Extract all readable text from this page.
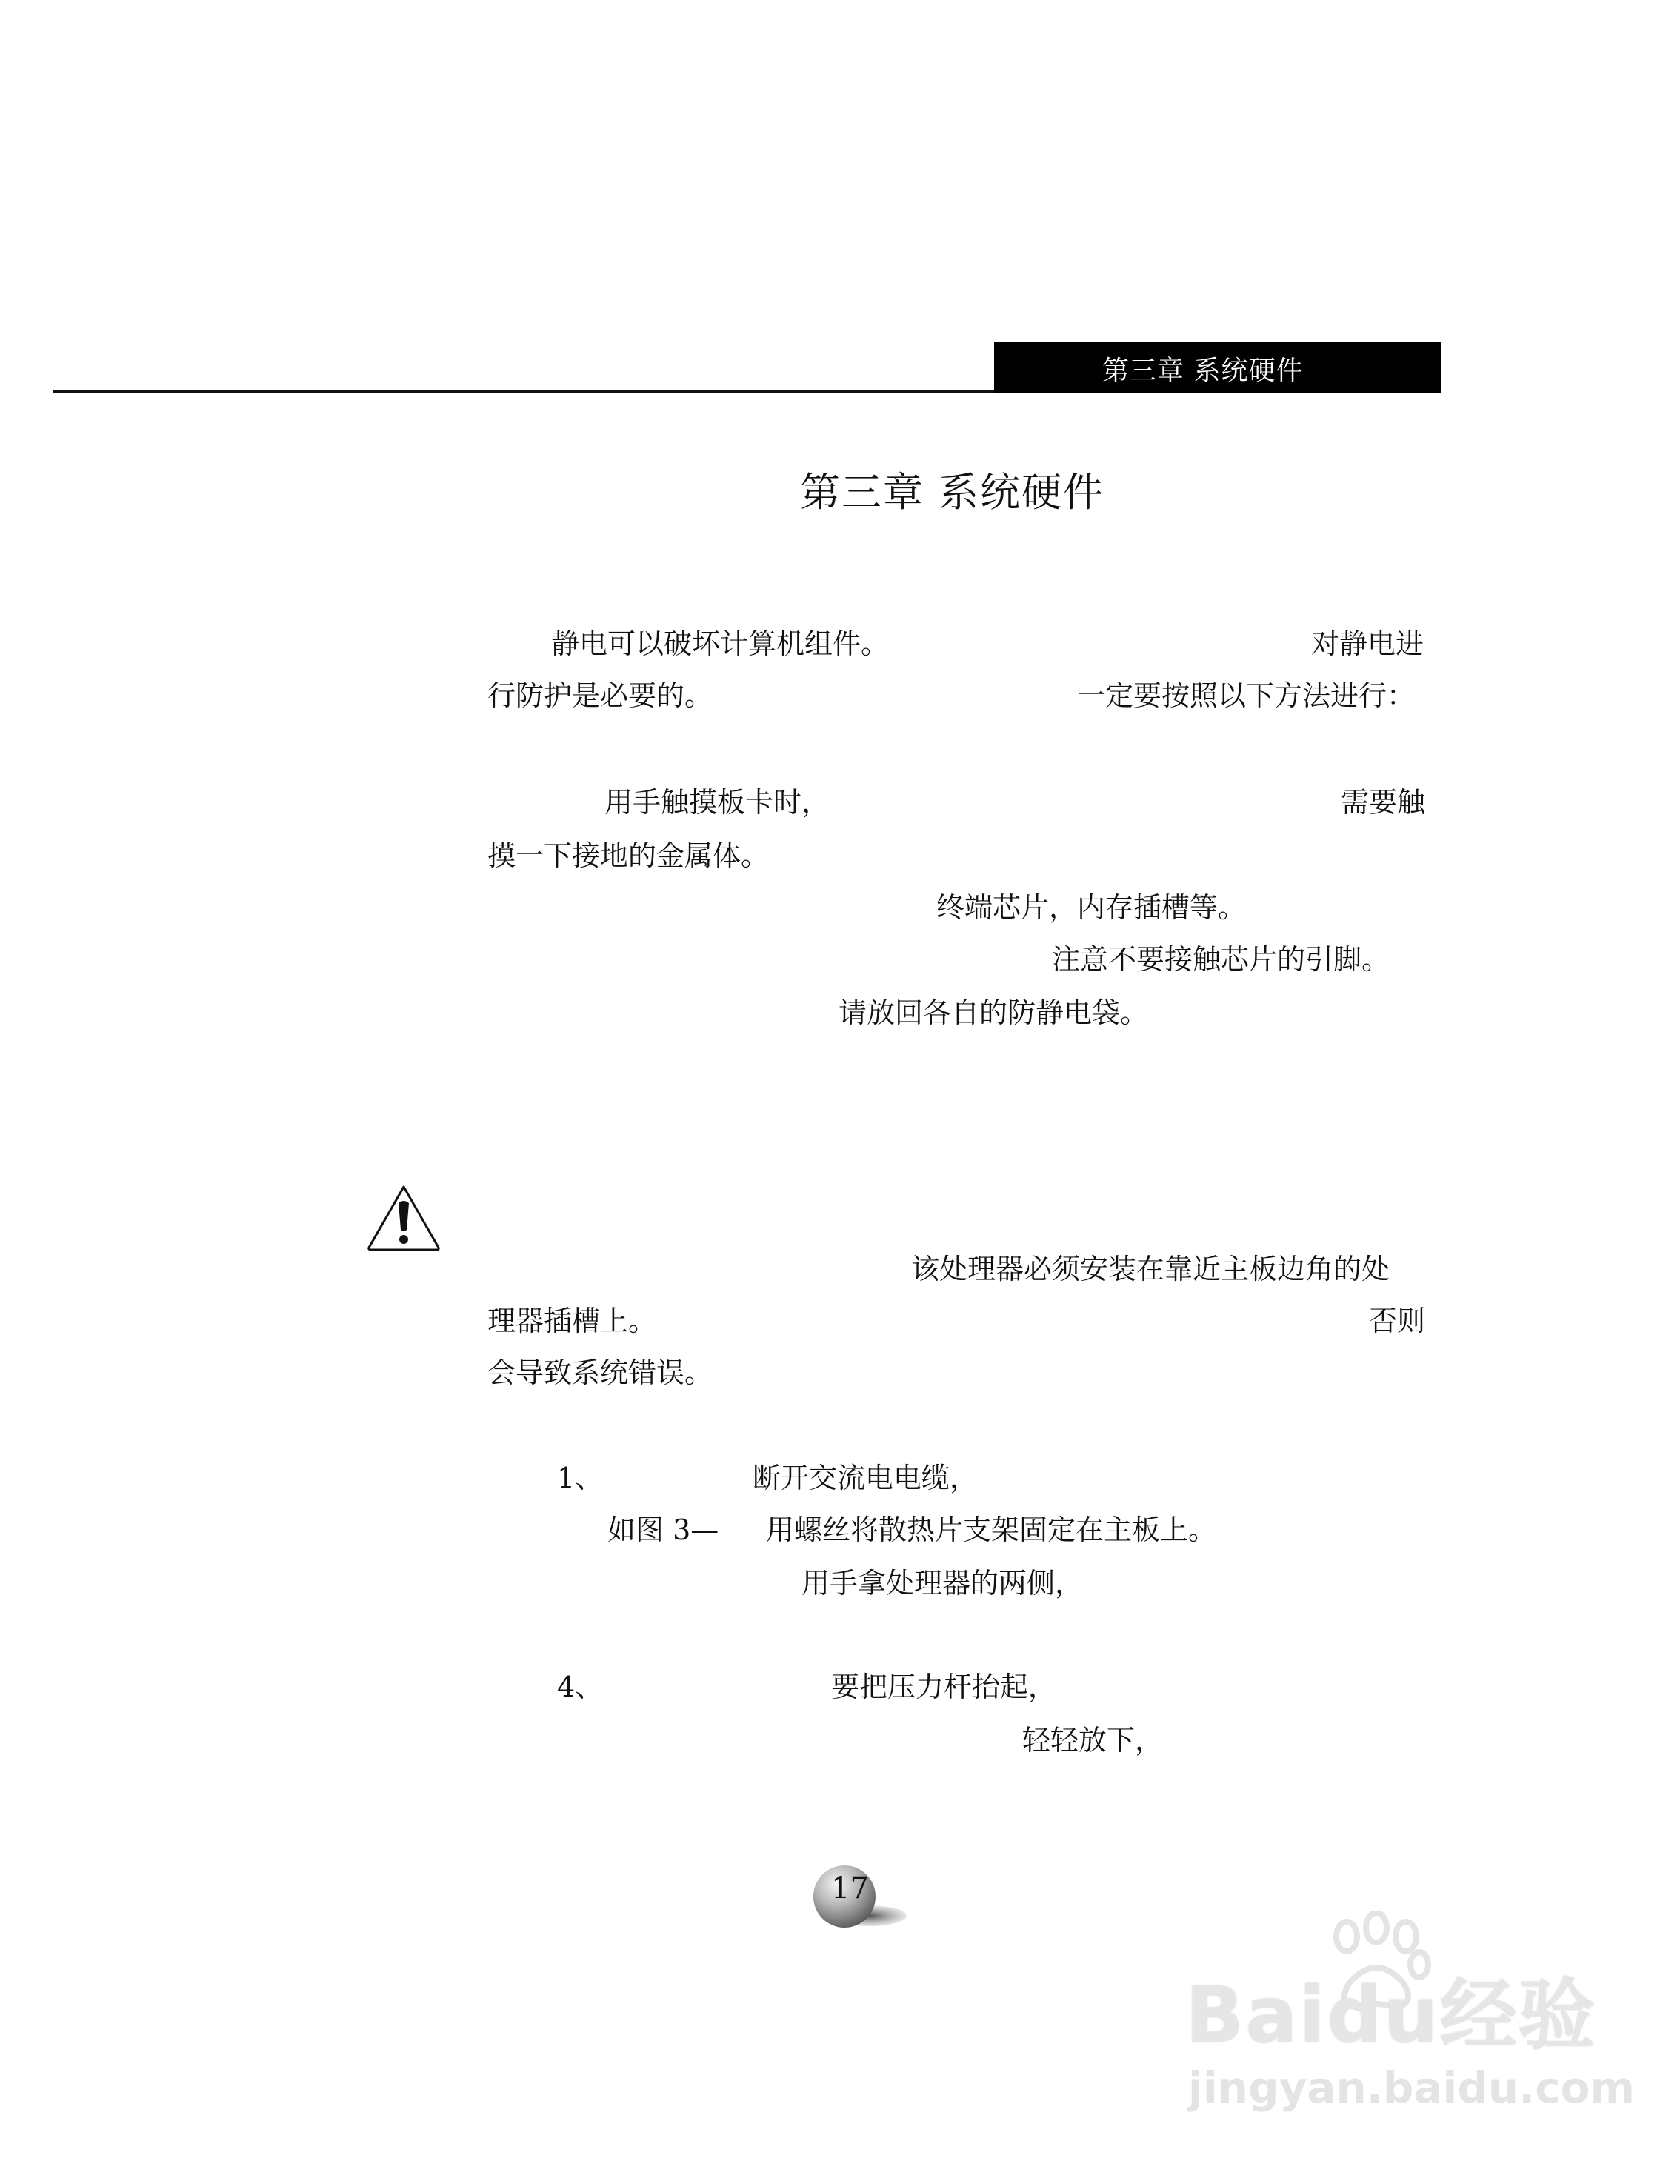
第三章 系统硬件
第三章 系统硬件
静电可以破坏计算机组件。	对静电进
行防护是必要的。	一定要按照以下方法进行：
用手触摸板卡时，	需要触
摸一下接地的金属体。
终端芯片，内存插槽等。
注意不要接触芯片的引脚。
请放回各自的防静电袋。
该处理器必须安装在靠近主板边角的处
理器插槽上。	否则
会导致系统错误。
1、	断开交流电电缆，
如图 3— 用螺丝将散热片支架固定在主板上。
用手拿处理器的两侧，
4、	要把压力杆抬起，
轻轻放下，
17
Baidu经验
jingyan.baidu.com
